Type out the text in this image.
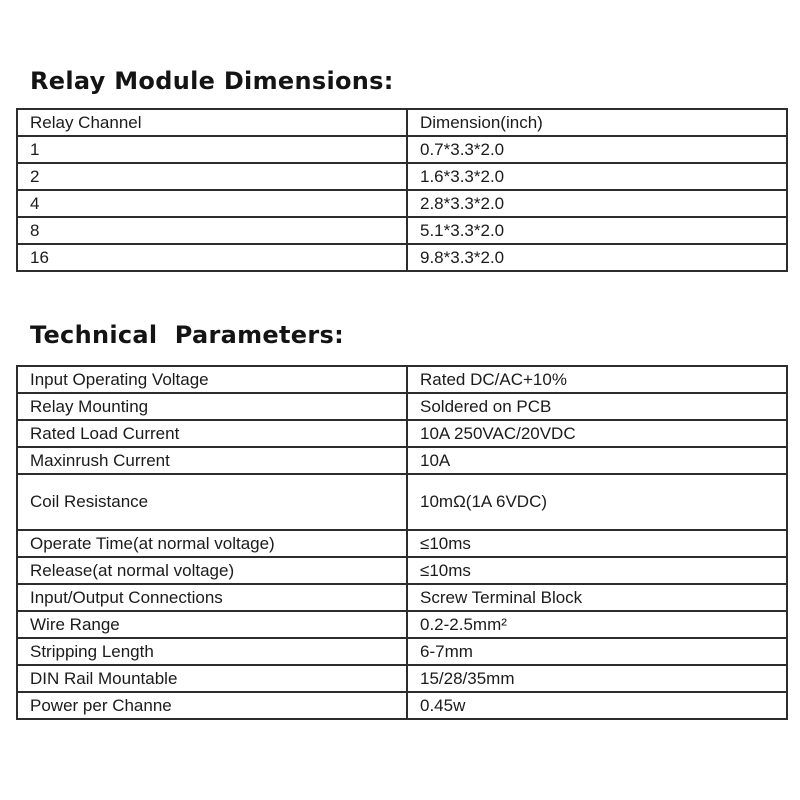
Relay Module Dimensions:
Relay Channel	Dimension(inch)
1	0.7*3.3*2.0
2	1.6*3.3*2.0
4	2.8*3.3*2.0
8	5.1*3.3*2.0
16	9.8*3.3*2.0
Technical  Parameters:
Input Operating Voltage	Rated DC/AC+10%
Relay Mounting	Soldered on PCB
Rated Load Current	10A 250VAC/20VDC
Maxinrush Current	10A
Coil Resistance	10mΩ(1A 6VDC)
Operate Time(at normal voltage)	≤10ms
Release(at normal voltage)	≤10ms
Input/Output Connections	Screw Terminal Block
Wire Range	0.2-2.5mm²
Stripping Length	6-7mm
DIN Rail Mountable	15/28/35mm
Power per Channe	0.45w
